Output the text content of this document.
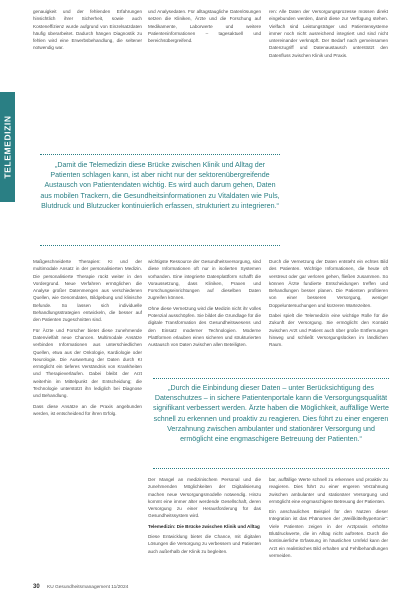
TELEMEDIZIN

genauigkeit und der fehlenden Erfahrungen hinsichtlich ihrer Sicherheit, sowie auch Kosteneffizienz wurde aufgrund von Einzelsatzdaten häufig überarbeitet. Dadurch hängen Diagnostik zu fehlen wird eine Erwerbsbehandlung, die seltener notwendig war.

und Analysedaten. Für alltagstaugliche Datenlösungen setzen die Kliniken, Ärzte und die Forschung auf Medikamente, Laborwerte und weitere Patienteninformationen – tagesaktuell und bereichsübergreifend.

ren: Alle Daten der Versorgungsprozesse müssen direkt eingebunden werden, damit diese zur Verfügung stehen. Vielfach sind Leistungsträger und Patientensysteme immer noch nicht ausreichend integriert und sind nicht untereinander verknüpft. Der Bedarf nach gemeinsamen Datenzugriff und Datenaustausch unterstützt den Datenfluss zwischen Klinik und Praxis.

„Damit die Telemedizin diese Brücke zwischen Klinik und Alltag der Patienten schlagen kann, ist aber nicht nur der sektorenübergreifende Austausch von Patientendaten wichtig. Es wird auch darum gehen, Daten aus mobilen Trackern, die Gesundheitsinformationen zu Vitaldaten wie Puls, Blutdruck und Blutzucker kontinuierlich erfassen, strukturiert zu integrieren.“

Maßgeschneiderte Therapien: KI und der multimodale Ansatz in der personalisierten Medizin. Die personalisierte Therapie rückt weiter in den Vordergrund. Neue Verfahren ermöglichen die Analyse großer Datenmengen aus verschiedenen Quellen, wie Genomdaten, Bildgebung und klinische Befunde. So lassen sich individuelle Behandlungsstrategien entwickeln, die besser auf den Patienten zugeschnitten sind.

Für Ärzte und Forscher bietet diese zunehmende Datenvielfalt neue Chancen. Multimodale Ansätze verbinden Informationen aus unterschiedlichen Quellen, etwa aus der Onkologie, Kardiologie oder Neurologie. Die Auswertung der Daten durch KI ermöglicht ein tieferes Verständnis von Krankheiten und Therapieverläufen. Dabei bleibt der Arzt weiterhin im Mittelpunkt der Entscheidung; die Technologie unterstützt ihn lediglich bei Diagnose und Behandlung.

Dass diese Ansätze an die Praxis angebunden werden, ist entscheidend für ihren Erfolg.

wichtigste Ressource der Gesundheitsversorgung, sind diese Informationen oft nur in isolierten Systemen vorhanden. Eine integrierte Datenplattform schafft die Voraussetzung, dass Kliniken, Praxen und Forschungseinrichtungen auf dieselben Daten zugreifen können.

Ohne diese Vernetzung wird die Medizin nicht ihr volles Potenzial ausschöpfen. Sie bildet die Grundlage für die digitale Transformation des Gesundheitswesens und den Einsatz moderner Technologien. Moderne Plattformen erlauben einen sicheren und strukturierten Austausch von Daten zwischen allen Beteiligten.

Durch die Vernetzung der Daten entsteht ein echtes Bild des Patienten. Wichtige Informationen, die heute oft verstreut oder gar verloren gehen, fließen zusammen. So können Ärzte fundierte Entscheidungen treffen und Behandlungen besser planen. Die Patienten profitieren von einer besseren Versorgung, weniger Doppeluntersuchungen und kürzeren Wartezeiten.

Dabei spielt die Telemedizin eine wichtige Rolle für die Zukunft der Versorgung. Sie ermöglicht den Kontakt zwischen Arzt und Patient auch über große Entfernungen hinweg und schließt Versorgungslücken im ländlichen Raum.

„Durch die Einbindung dieser Daten – unter Berücksichtigung des Datenschutzes – in sichere Patientenportale kann die Versorgungsqualität signifikant verbessert werden. Ärzte haben die Möglichkeit, auffällige Werte schnell zu erkennen und proaktiv zu reagieren. Dies führt zu einer engeren Verzahnung zwischen ambulanter und stationärer Versorgung und ermöglicht eine engmaschigere Betreuung der Patienten.“

Der Mangel an medizinischem Personal und die zunehmenden Möglichkeiten der Digitalisierung machen neue Versorgungsmodelle notwendig. Hinzu kommt eine immer älter werdende Gesellschaft, deren Versorgung zu einer Herausforderung für das Gesundheitssystem wird.

Telemedizin: Die Brücke zwischen Klinik und Alltag

Diese Entwicklung bietet die Chance, mit digitalen Lösungen die Versorgung zu verbessern und Patienten auch außerhalb der Klinik zu begleiten.

bar, auffällige Werte schnell zu erkennen und proaktiv zu reagieren. Dies führt zu einer engeren Verzahnung zwischen ambulanter und stationärer Versorgung und ermöglicht eine engmaschigere Betreuung der Patienten.

Ein anschauliches Beispiel für den Nutzen dieser Integration ist das Phänomen der „Weißkittelhypertonie“: Viele Patienten zeigen in der Arztpraxis erhöhte Blutdruckwerte, die im Alltag nicht auftreten. Durch die kontinuierliche Erfassung im häuslichen Umfeld kann der Arzt ein realistisches Bild erhalten und Fehlbehandlungen vermeiden.

30 KU Gesundheitsmanagement 11/2024
